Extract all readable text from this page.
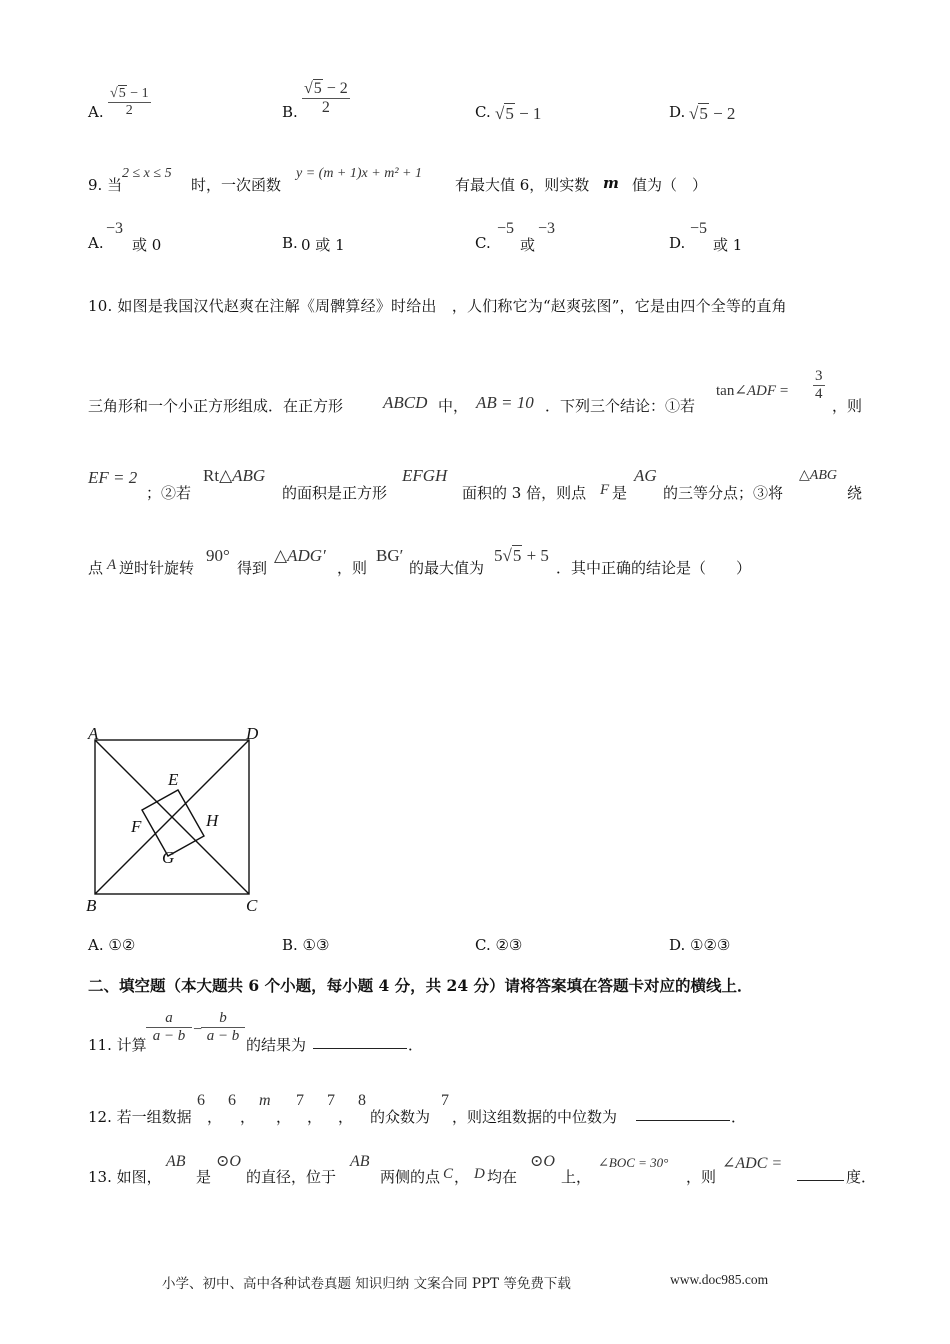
A. $\frac{√5 - 1}{2}$	B. $\frac{√5 - 2}{2}$	C. √5 − 1	D. √5 − 2
9. 当
2 ≤ x ≤ 5
时，一次函数
y = (m + 1)x + m² + 1
有最大值 6，则实数 m 值为（　）
A.
−3
或 0	B. 0 或 1	C.
−5
或
−3
D.
−5
或 1
10. 如图是我国汉代赵爽在注解《周髀算经》时给出　，人们称它为“赵爽弦图”，它是由四个全等的直角
三角形和一个小正方形组成．在正方形 ABCD 中， AB = 10 ．下列三个结论：①若
tan∠ADF = $\frac{3}{4}$
，则
EF = 2
；②若
Rt△ABG
的面积是正方形
EFGH
面积的 3 倍，则点 F 是
AG
的三等分点；③将
△ABG
绕
点 A 逆时针旋转
90°
得到
△ADG′
，则
BG′
的最大值为
5√5 + 5
．其中正确的结论是（　　）
A	D
B	C
E
F
G
H
A. ①②	B. ①③	C. ②③	D. ①②③
二、填空题（本大题共 6 个小题，每小题 4 分，共 24 分）请将答案填在答题卡对应的横线上．
11. 计算 $\frac{a}{a - b}$ −
$\frac{b}{a - b}$ 的结果为	．
12. 若一组数据
6
，
6
，
m
，
7
，
7
，
8
的众数为
7
，则这组数据的中位数为	．
13. 如图，
AB
是
⊙O
的直径，位于
AB
两侧的点 C ， D 均在
⊙O
上，
∠BOC = 30°
，则
∠ADC =
度．
小学、初中、高中各种试卷真题 知识归纳 文案合同 PPT 等免费下载	www.doc985.com
